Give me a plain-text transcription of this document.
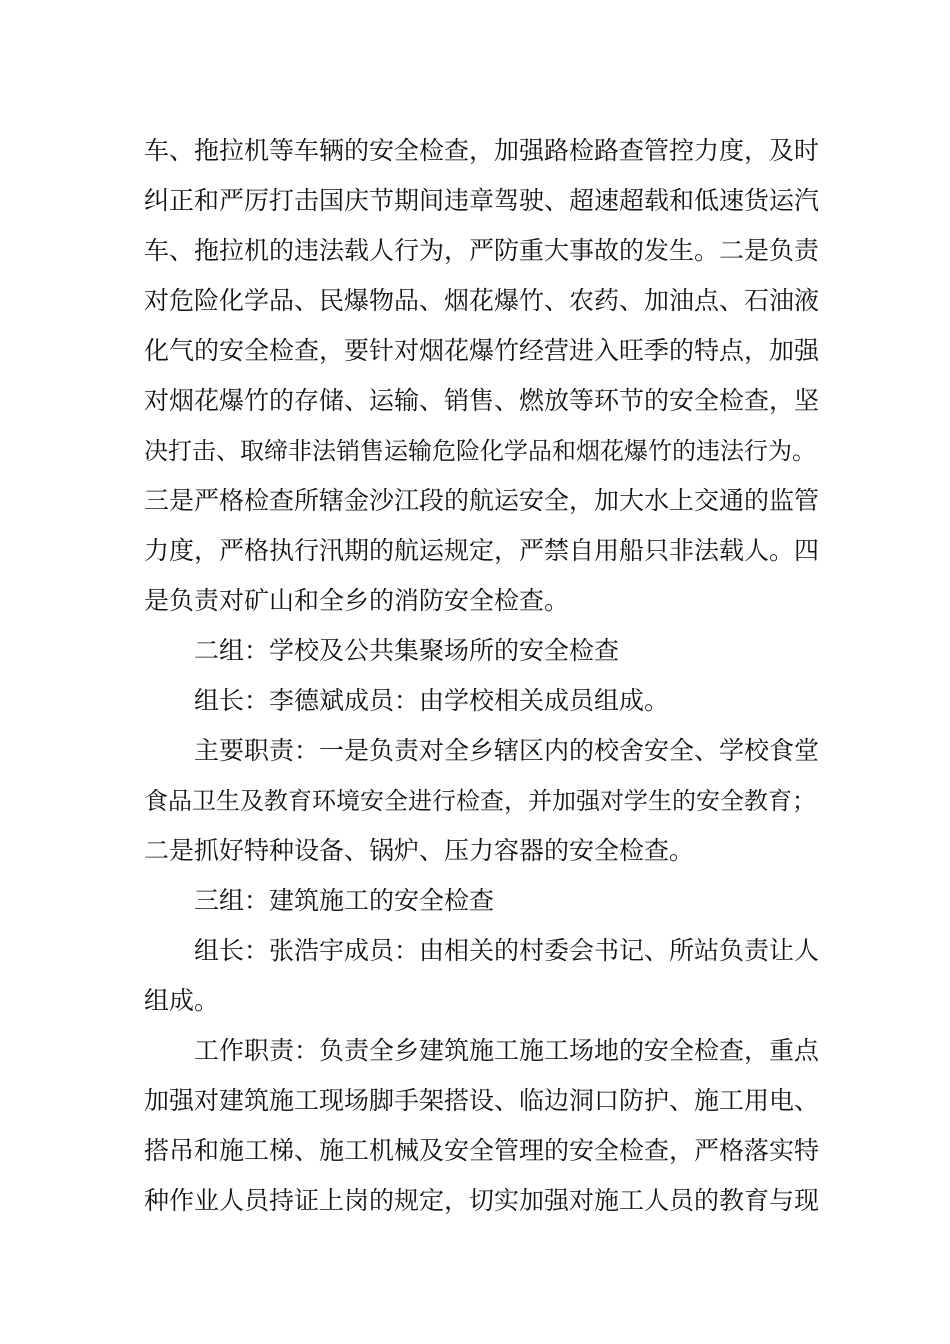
车、拖拉机等车辆的安全检查，加强路检路查管控力度，及时
纠正和严厉打击国庆节期间违章驾驶、超速超载和低速货运汽
车、拖拉机的违法载人行为，严防重大事故的发生。二是负责
对危险化学品、民爆物品、烟花爆竹、农药、加油点、石油液
化气的安全检查，要针对烟花爆竹经营进入旺季的特点，加强
对烟花爆竹的存储、运输、销售、燃放等环节的安全检查，坚
决打击、取缔非法销售运输危险化学品和烟花爆竹的违法行为。
三是严格检查所辖金沙江段的航运安全，加大水上交通的监管
力度，严格执行汛期的航运规定，严禁自用船只非法载人。四
是负责对矿山和全乡的消防安全检查。
二组：学校及公共集聚场所的安全检查
组长：李德斌成员：由学校相关成员组成。
主要职责：一是负责对全乡辖区内的校舍安全、学校食堂
食品卫生及教育环境安全进行检查，并加强对学生的安全教育；
二是抓好特种设备、锅炉、压力容器的安全检查。
三组：建筑施工的安全检查
组长：张浩宇成员：由相关的村委会书记、所站负责让人
组成。
工作职责：负责全乡建筑施工施工场地的安全检查，重点
加强对建筑施工现场脚手架搭设、临边洞口防护、施工用电、
搭吊和施工梯、施工机械及安全管理的安全检查，严格落实特
种作业人员持证上岗的规定，切实加强对施工人员的教育与现
